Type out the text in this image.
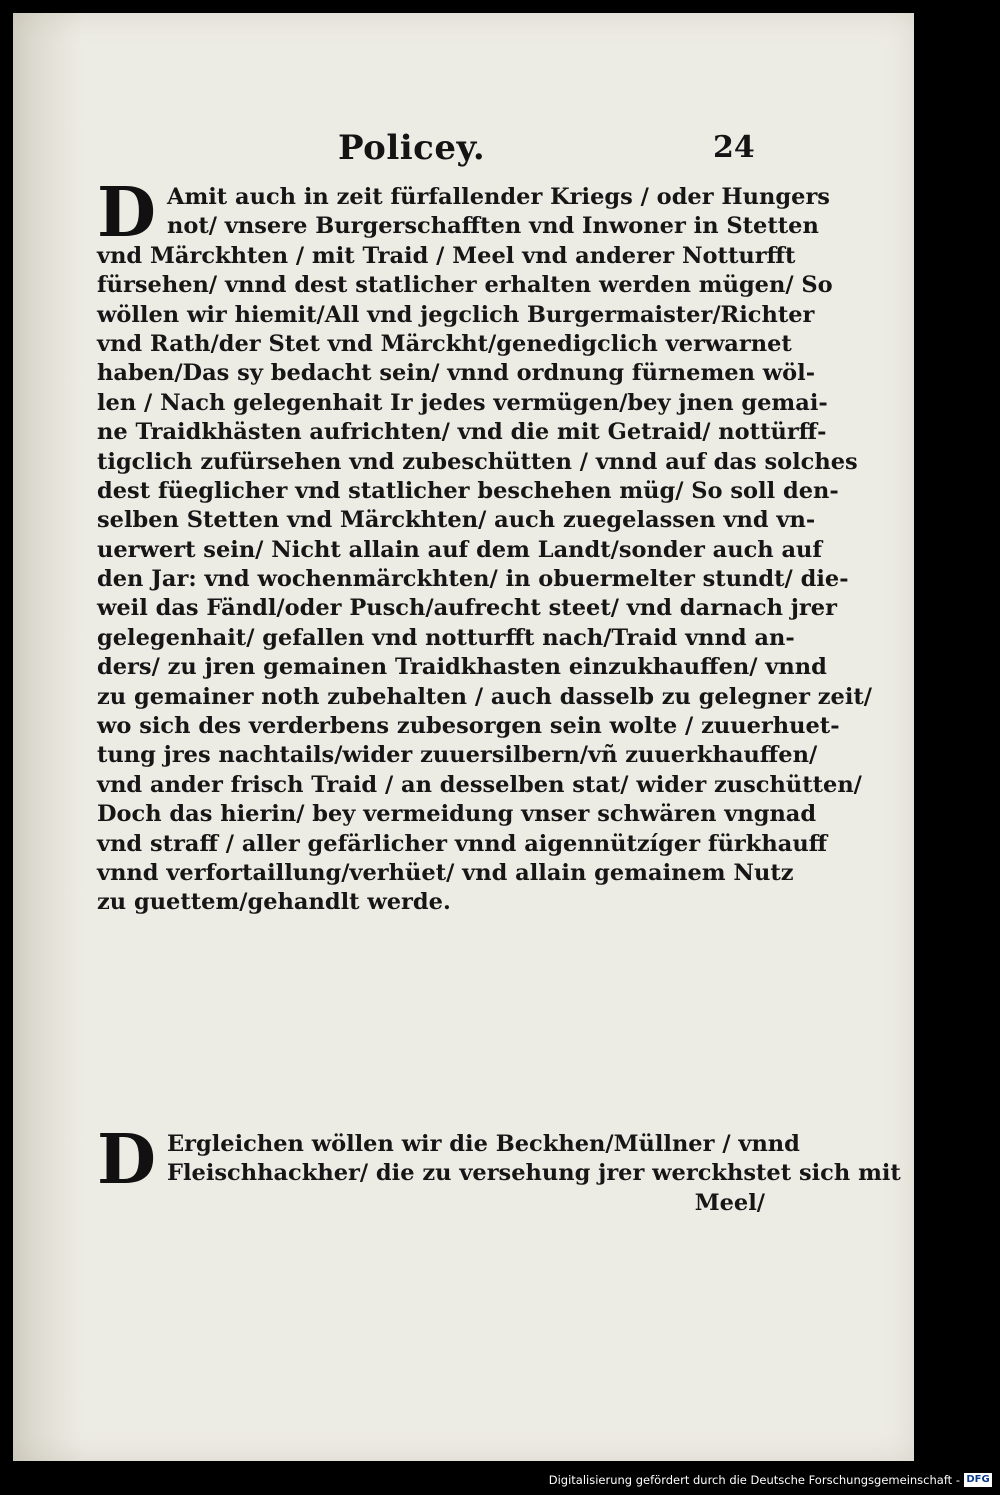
Policey.	24
D Amit auch in zeit fürfallender Kriegs / oder Hungers
not/ vnsere Burgerschafften vnd Inwoner in Stetten
vnd Märckhten / mit Traid / Meel vnd anderer Notturfft
fürsehen/ vnnd dest statlicher erhalten werden mügen/ So
wöllen wir hiemit/All vnd jegclich Burgermaister/Richter
vnd Rath/der Stet vnd Märckht/genedigclich verwarnet
haben/Das sy bedacht sein/ vnnd ordnung fürnemen wöl-
len / Nach gelegenhait Ir jedes vermügen/bey jnen gemai-
ne Traidkhästen aufrichten/ vnd die mit Getraid/ nottürff-
tigclich zufürsehen vnd zubeschütten / vnnd auf das solches
dest füeglicher vnd statlicher beschehen müg/ So soll den-
selben Stetten vnd Märckhten/ auch zuegelassen vnd vn-
uerwert sein/ Nicht allain auf dem Landt/sonder auch auf
den Jar: vnd wochenmärckhten/ in obuermelter stundt/ die-
weil das Fändl/oder Pusch/aufrecht steet/ vnd darnach jrer
gelegenhait/ gefallen vnd notturfft nach/Traid vnnd an-
ders/ zu jren gemainen Traidkhasten einzukhauffen/ vnnd
zu gemainer noth zubehalten / auch dasselb zu gelegner zeit/
wo sich des verderbens zubesorgen sein wolte / zuuerhuet-
tung jres nachtails/wider zuuersilbern/vñ zuuerkhauffen/
vnd ander frisch Traid / an desselben stat/ wider zuschütten/
Doch das hierin/ bey vermeidung vnser schwären vngnad
vnd straff / aller gefärlicher vnnd aigennützíger fürkhauff
vnnd verfortaillung/verhüet/ vnd allain gemainem Nutz
zu guettem/gehandlt werde.
D Ergleichen wöllen wir die Beckhen/Müllner / vnnd
Fleischhackher/ die zu versehung jrer werckhstet sich mit
Meel/
Digitalisierung gefördert durch die Deutsche Forschungsgemeinschaft - DFG
